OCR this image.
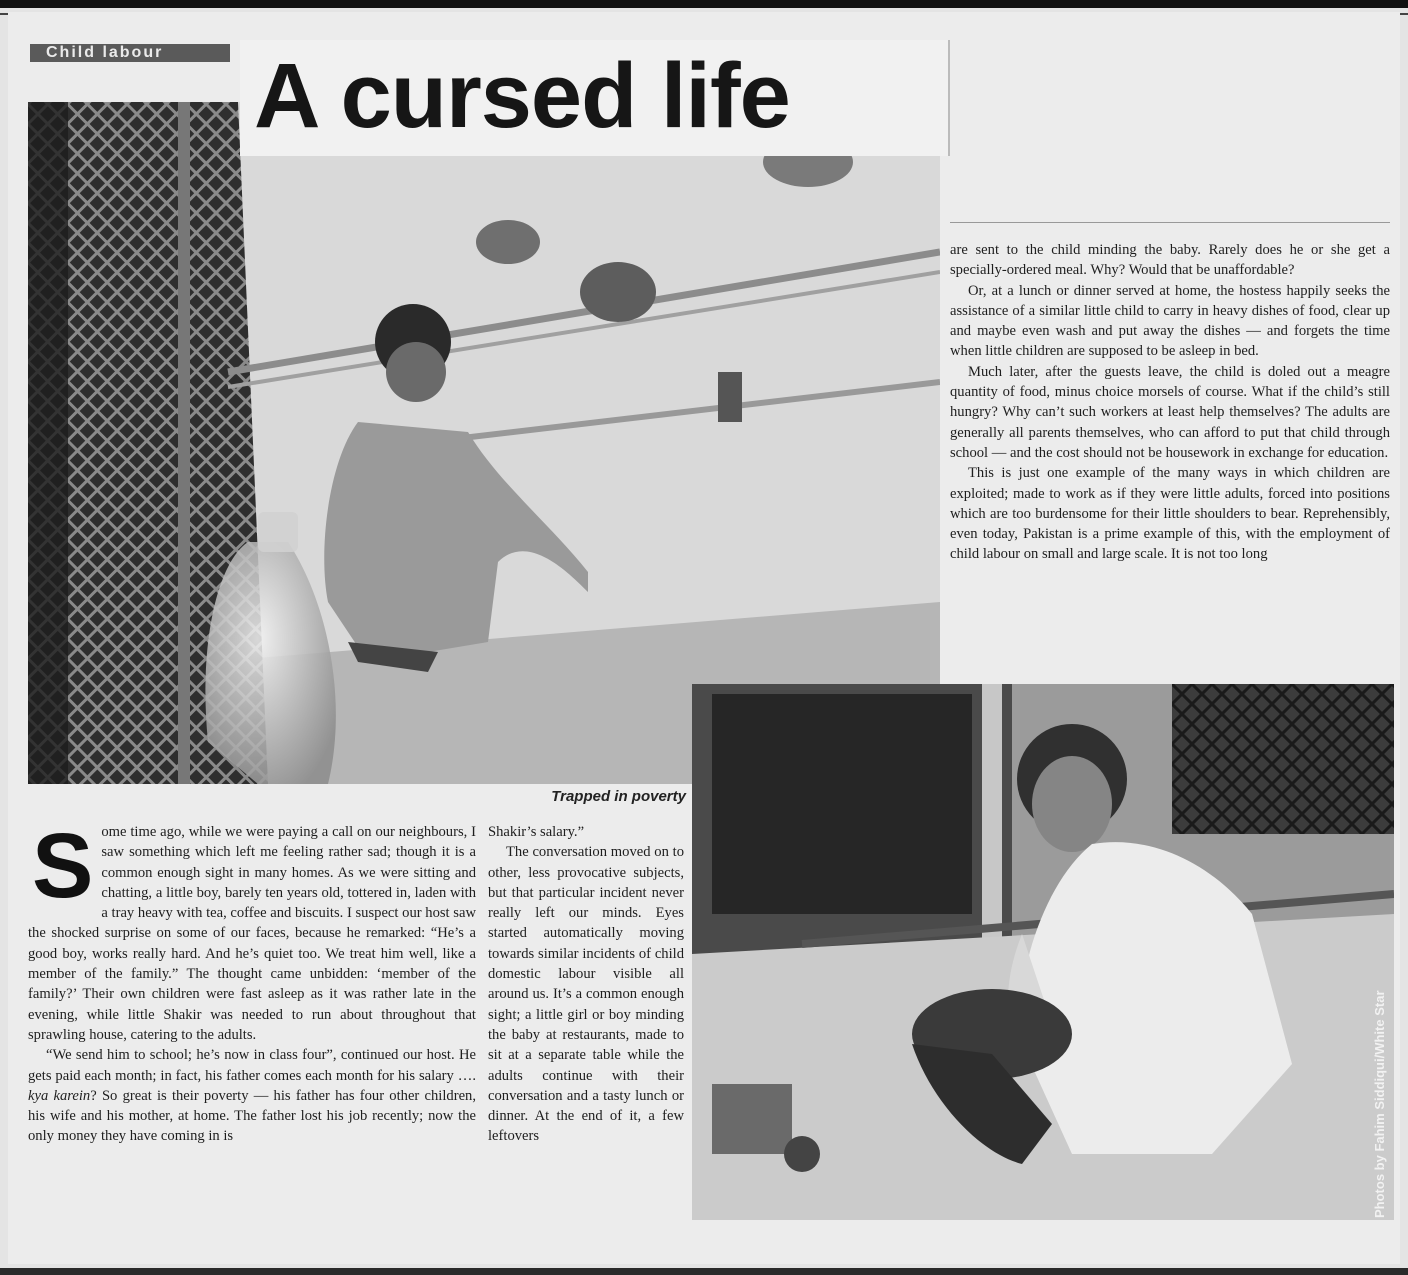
Child labour A cursed life
Trapped in poverty
Photos by Fahim Siddiqui/White Star

Some time ago, while we were paying a call on our neighbours, I saw something which left me feeling rather sad; though it is a common enough sight in many homes. As we were sitting and chatting, a little boy, barely ten years old, tottered in, laden with a tray heavy with tea, coffee and biscuits. I suspect our host saw the shocked surprise on some of our faces, because he remarked: “He’s a good boy, works really hard. And he’s quiet too. We treat him well, like a member of the family.” The thought came unbidden: ‘member of the family?’ Their own children were fast asleep as it was rather late in the evening, while little Shakir was needed to run about throughout that sprawling house, catering to the adults.

“We send him to school; he’s now in class four”, continued our host. He gets paid each month; in fact, his father comes each month for his salary …. kya karein? So great is their poverty — his father has four other children, his wife and his mother, at home. The father lost his job recently; now the only money they have coming in is

Shakir’s salary.”

The conversation moved on to other, less provocative subjects, but that particular incident never really left our minds. Eyes started automatically moving towards similar incidents of child domestic labour visible all around us. It’s a common enough sight; a little girl or boy minding the baby at restaurants, made to sit at a separate table while the adults continue with their conversation and a tasty lunch or dinner. At the end of it, a few leftovers

are sent to the child minding the baby. Rarely does he or she get a specially-ordered meal. Why? Would that be unaffordable?

Or, at a lunch or dinner served at home, the hostess happily seeks the assistance of a similar little child to carry in heavy dishes of food, clear up and maybe even wash and put away the dishes — and forgets the time when little children are supposed to be asleep in bed.

Much later, after the guests leave, the child is doled out a meagre quantity of food, minus choice morsels of course. What if the child’s still hungry? Why can’t such workers at least help themselves? The adults are generally all parents themselves, who can afford to put that child through school — and the cost should not be housework in exchange for education.

This is just one example of the many ways in which children are exploited; made to work as if they were little adults, forced into positions which are too burdensome for their little shoulders to bear. Reprehensibly, even today, Pakistan is a prime example of this, with the employment of child labour on small and large scale. It is not too long
